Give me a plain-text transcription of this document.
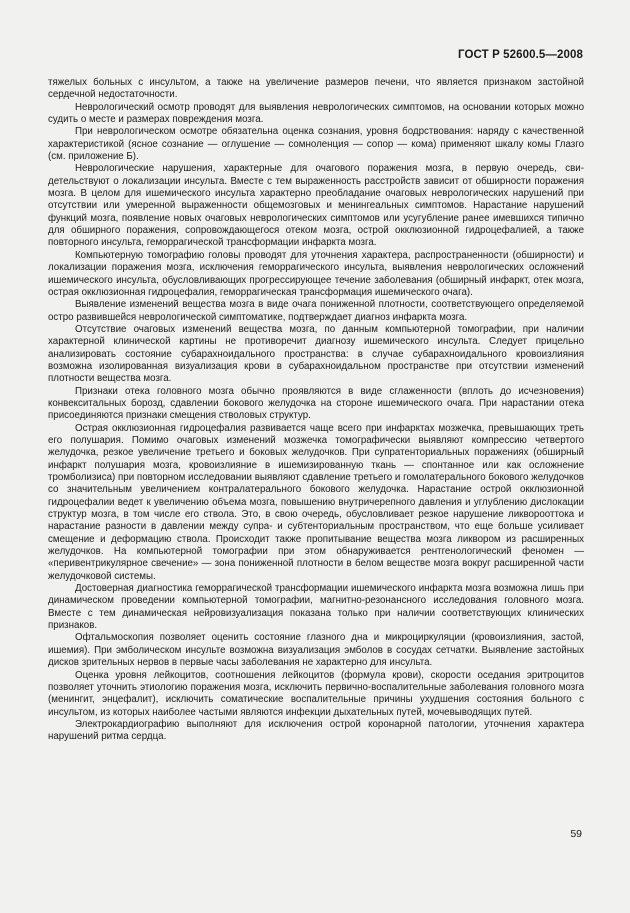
ГОСТ Р 52600.5—2008

тяжелых больных с инсультом, а также на увеличение размеров печени, что является признаком застойной сердечной недостаточности.

Неврологический осмотр проводят для выявления неврологических симптомов, на основании которых можно судить о месте и размерах повреждения мозга.

При неврологическом осмотре обязательна оценка сознания, уровня бодрствования: наряду с качественной характеристикой (ясное сознание — оглушение — сомноленция — сопор — кома) применяют шкалу комы Глазго (см. приложение Б).

Неврологические нарушения, характерные для очагового поражения мозга, в первую очередь, свидетельствуют о локализации инсульта. Вместе с тем выраженность расстройств зависит от обширности поражения мозга. В целом для ишемического инсульта характерно преобладание очаговых неврологических нарушений при отсутствии или умеренной выраженности общемозговых и менингеальных симптомов. Нарастание нарушений функций мозга, появление новых очаговых неврологических симптомов или усугубление ранее имевшихся типично для обширного поражения, сопровождающегося отеком мозга, острой окклюзионной гидроцефалией, а также повторного инсульта, геморрагической трансформации инфаркта мозга.

Компьютерную томографию головы проводят для уточнения характера, распространенности (обширности) и локализации поражения мозга, исключения геморрагического инсульта, выявления неврологических осложнений ишемического инсульта, обусловливающих прогрессирующее течение заболевания (обширный инфаркт, отек мозга, острая окклюзионная гидроцефалия, геморрагическая трансформация ишемического очага).

Выявление изменений вещества мозга в виде очага пониженной плотности, соответствующего определяемой остро развившейся неврологической симптоматике, подтверждает диагноз инфаркта мозга.

Отсутствие очаговых изменений вещества мозга, по данным компьютерной томографии, при наличии характерной клинической картины не противоречит диагнозу ишемического инсульта. Следует прицельно анализировать состояние субарахноидального пространства: в случае субарахноидального кровоизлияния возможна изолированная визуализация крови в субарахноидальном пространстве при отсутствии изменений плотности вещества мозга.

Признаки отека головного мозга обычно проявляются в виде сглаженности (вплоть до исчезновения) конвекситальных борозд, сдавлении бокового желудочка на стороне ишемического очага. При нарастании отека присоединяются признаки смещения стволовых структур.

Острая окклюзионная гидроцефалия развивается чаще всего при инфарктах мозжечка, превышающих треть его полушария. Помимо очаговых изменений мозжечка томографически выявляют компрессию четвертого желудочка, резкое увеличение третьего и боковых желудочков. При супратенториальных поражениях (обширный инфаркт полушария мозга, кровоизлияние в ишемизированную ткань — спонтанное или как осложнение тромболизиса) при повторном исследовании выявляют сдавление третьего и гомолатерального бокового желудочков со значительным увеличением контралатерального бокового желудочка. Нарастание острой окклюзионной гидроцефалии ведет к увеличению объема мозга, повышению внутричерепного давления и углублению дислокации структур мозга, в том числе его ствола. Это, в свою очередь, обусловливает резкое нарушение ликворооттока и нарастание разности в давлении между супра- и субтенториальным пространством, что еще больше усиливает смещение и деформацию ствола. Происходит также пропитывание вещества мозга ликвором из расширенных желудочков. На компьютерной томографии при этом обнаруживается рентгенологический феномен — «перивентрикулярное свечение» — зона пониженной плотности в белом веществе мозга вокруг расширенной части желудочковой системы.

Достоверная диагностика геморрагической трансформации ишемического инфаркта мозга возможна лишь при динамическом проведении компьютерной томографии, магнитно-резонансного исследования головного мозга. Вместе с тем динамическая нейровизуализация показана только при наличии соответствующих клинических признаков.

Офтальмоскопия позволяет оценить состояние глазного дна и микроциркуляции (кровоизлияния, застой, ишемия). При эмболическом инсульте возможна визуализация эмболов в сосудах сетчатки. Выявление застойных дисков зрительных нервов в первые часы заболевания не характерно для инсульта.

Оценка уровня лейкоцитов, соотношения лейкоцитов (формула крови), скорости оседания эритроцитов позволяет уточнить этиологию поражения мозга, исключить первично-воспалительные заболевания головного мозга (менингит, энцефалит), исключить соматические воспалительные причины ухудшения состояния больного с инсультом, из которых наиболее частыми являются инфекции дыхательных путей, мочевыводящих путей.

Электрокардиографию выполняют для исключения острой коронарной патологии, уточнения характера нарушений ритма сердца.

59
